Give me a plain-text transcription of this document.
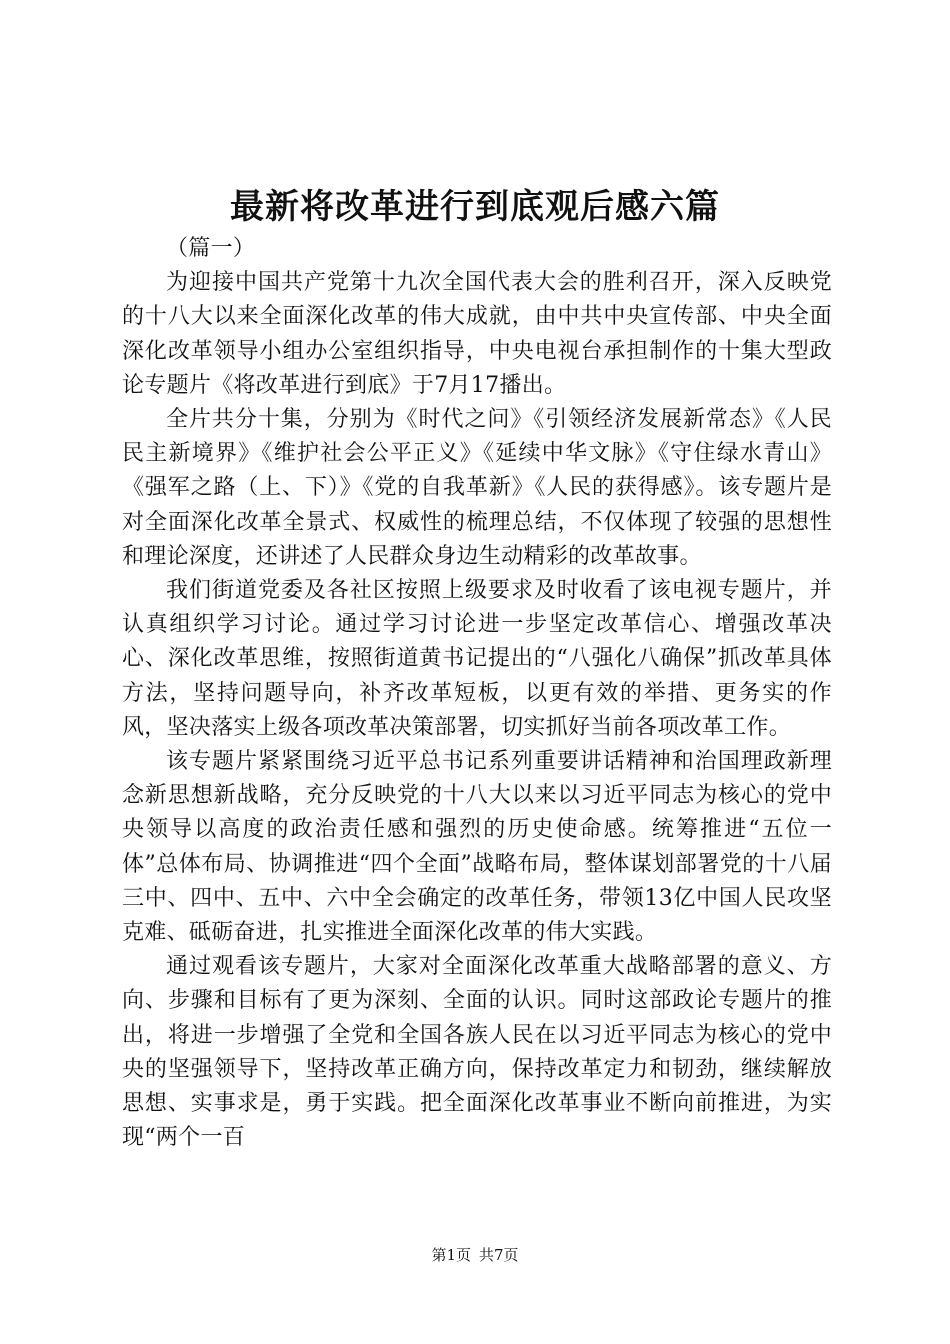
最新将改革进行到底观后感六篇

（篇一）

为迎接中国共产党第十九次全国代表大会的胜利召开，深入反映党的十八大以来全面深化改革的伟大成就，由中共中央宣传部、中央全面深化改革领导小组办公室组织指导，中央电视台承担制作的十集大型政论专题片《将改革进行到底》于7月17播出。

全片共分十集，分别为《时代之问》《引领经济发展新常态》《人民民主新境界》《维护社会公平正义》《延续中华文脉》《守住绿水青山》《强军之路（上、下）》《党的自我革新》《人民的获得感》。该专题片是对全面深化改革全景式、权威性的梳理总结，不仅体现了较强的思想性和理论深度，还讲述了人民群众身边生动精彩的改革故事。

我们街道党委及各社区按照上级要求及时收看了该电视专题片，并认真组织学习讨论。通过学习讨论进一步坚定改革信心、增强改革决心、深化改革思维，按照街道黄书记提出的“八强化八确保”抓改革具体方法，坚持问题导向，补齐改革短板，以更有效的举措、更务实的作风，坚决落实上级各项改革决策部署，切实抓好当前各项改革工作。

该专题片紧紧围绕习近平总书记系列重要讲话精神和治国理政新理念新思想新战略，充分反映党的十八大以来以习近平同志为核心的党中央领导以高度的政治责任感和强烈的历史使命感。统筹推进“五位一体”总体布局、协调推进“四个全面”战略布局，整体谋划部署党的十八届三中、四中、五中、六中全会确定的改革任务，带领13亿中国人民攻坚克难、砥砺奋进，扎实推进全面深化改革的伟大实践。

通过观看该专题片，大家对全面深化改革重大战略部署的意义、方向、步骤和目标有了更为深刻、全面的认识。同时这部政论专题片的推出，将进一步增强了全党和全国各族人民在以习近平同志为核心的党中央的坚强领导下，坚持改革正确方向，保持改革定力和韧劲，继续解放思想、实事求是，勇于实践。把全面深化改革事业不断向前推进，为实现“两个一百

第1页 共7页
